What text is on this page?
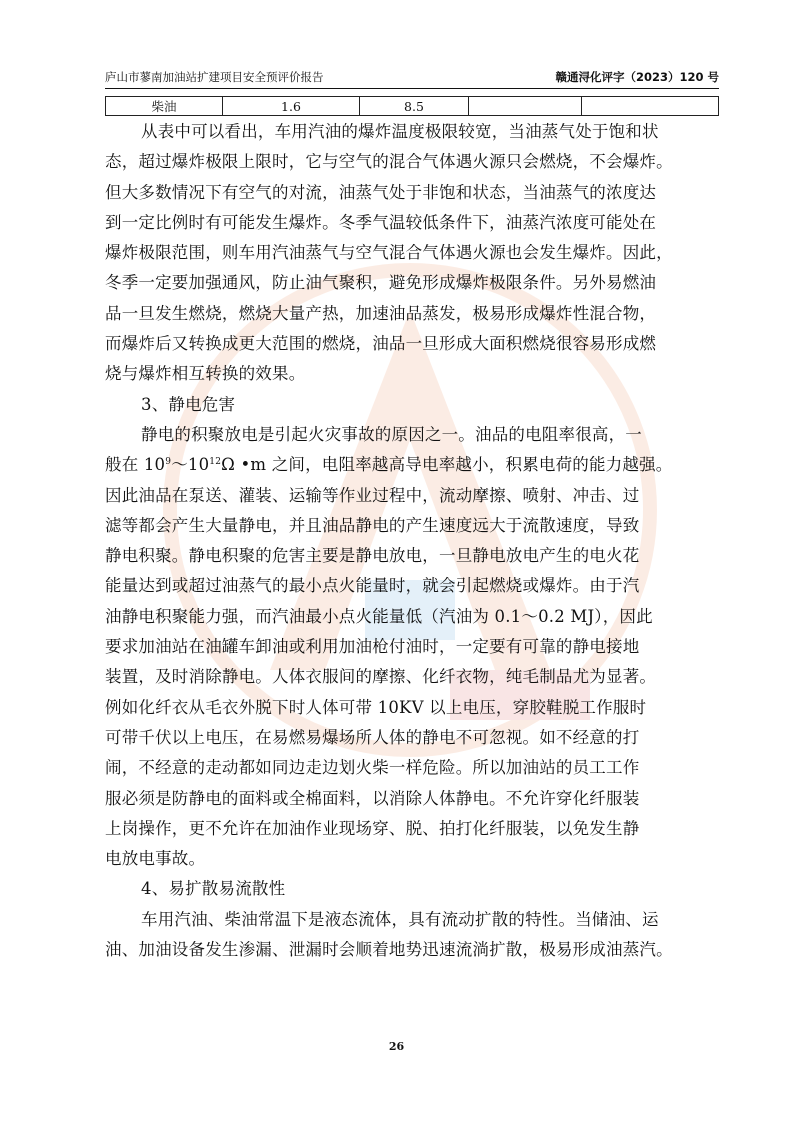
庐山市蓼南加油站扩建项目安全预评价报告	赣通浔化评字（2023）120 号
柴油	1.6	8.5		
从表中可以看出，车用汽油的爆炸温度极限较宽，当油蒸气处于饱和状
态，超过爆炸极限上限时，它与空气的混合气体遇火源只会燃烧，不会爆炸。
但大多数情况下有空气的对流，油蒸气处于非饱和状态，当油蒸气的浓度达
到一定比例时有可能发生爆炸。冬季气温较低条件下，油蒸汽浓度可能处在
爆炸极限范围，则车用汽油蒸气与空气混合气体遇火源也会发生爆炸。因此，
冬季一定要加强通风，防止油气聚积，避免形成爆炸极限条件。另外易燃油
品一旦发生燃烧，燃烧大量产热，加速油品蒸发，极易形成爆炸性混合物，
而爆炸后又转换成更大范围的燃烧，油品一旦形成大面积燃烧很容易形成燃
烧与爆炸相互转换的效果。
3、静电危害
静电的积聚放电是引起火灾事故的原因之一。油品的电阻率很高，一
般在 $10^9\sim 10^{12}\Omega$ •m 之间，电阻率越高导电率越小，积累电荷的能力越强。
因此油品在泵送、灌装、运输等作业过程中，流动摩擦、喷射、冲击、过
滤等都会产生大量静电，并且油品静电的产生速度远大于流散速度，导致
静电积聚。静电积聚的危害主要是静电放电，一旦静电放电产生的电火花
能量达到或超过油蒸气的最小点火能量时，就会引起燃烧或爆炸。由于汽
油静电积聚能力强，而汽油最小点火能量低（汽油为 0.1～0.2 MJ），因此
要求加油站在油罐车卸油或利用加油枪付油时，一定要有可靠的静电接地
装置，及时消除静电。人体衣服间的摩擦、化纤衣物，纯毛制品尤为显著。
例如化纤衣从毛衣外脱下时人体可带 10KV 以上电压，穿胶鞋脱工作服时
可带千伏以上电压，在易燃易爆场所人体的静电不可忽视。如不经意的打
闹，不经意的走动都如同边走边划火柴一样危险。所以加油站的员工工作
服必须是防静电的面料或全棉面料，以消除人体静电。不允许穿化纤服装
上岗操作，更不允许在加油作业现场穿、脱、拍打化纤服装，以免发生静
电放电事故。
4、易扩散易流散性
车用汽油、柴油常温下是液态流体，具有流动扩散的特性。当储油、运
油、加油设备发生渗漏、泄漏时会顺着地势迅速流淌扩散，极易形成油蒸汽。
26
